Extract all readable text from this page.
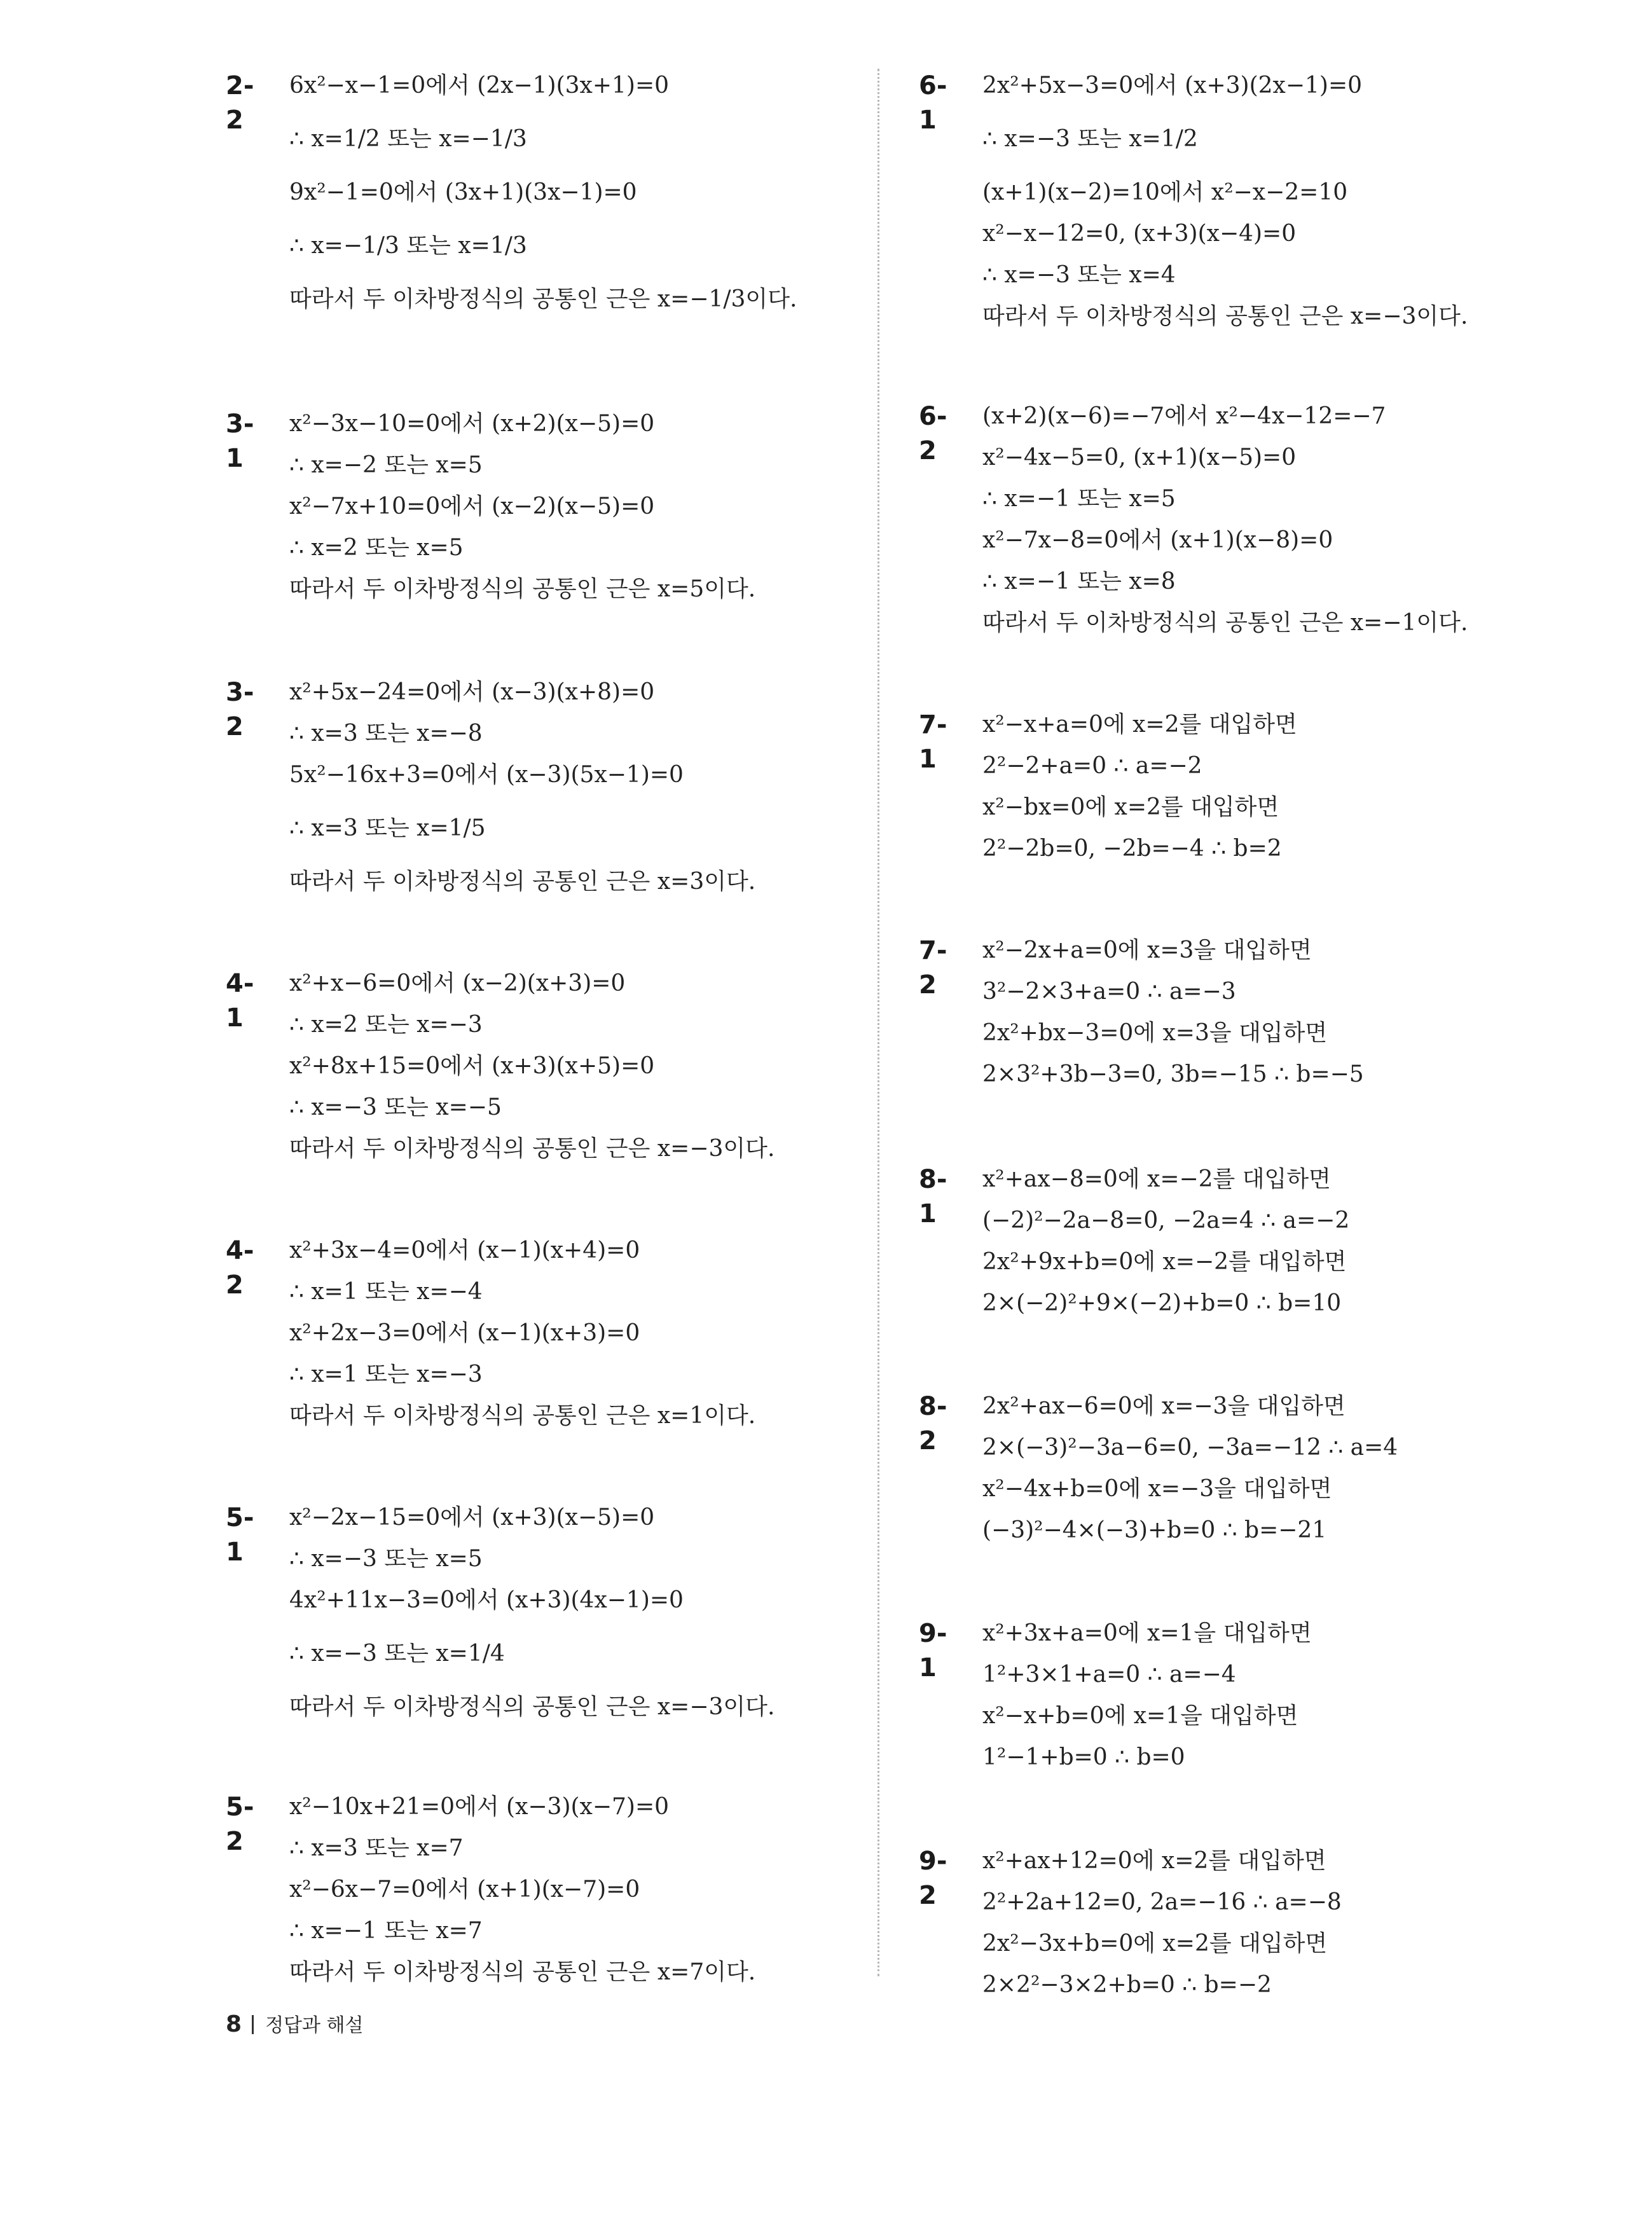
2-2
6x²−x−1=0에서 (2x−1)(3x+1)=0
∴ x=1/2 또는 x=−1/3
9x²−1=0에서 (3x+1)(3x−1)=0
∴ x=−1/3 또는 x=1/3
따라서 두 이차방정식의 공통인 근은 x=−1/3이다.
3-1
x²−3x−10=0에서 (x+2)(x−5)=0
∴ x=−2 또는 x=5
x²−7x+10=0에서 (x−2)(x−5)=0
∴ x=2 또는 x=5
따라서 두 이차방정식의 공통인 근은 x=5이다.
3-2
x²+5x−24=0에서 (x−3)(x+8)=0
∴ x=3 또는 x=−8
5x²−16x+3=0에서 (x−3)(5x−1)=0
∴ x=3 또는 x=1/5
따라서 두 이차방정식의 공통인 근은 x=3이다.
4-1
x²+x−6=0에서 (x−2)(x+3)=0
∴ x=2 또는 x=−3
x²+8x+15=0에서 (x+3)(x+5)=0
∴ x=−3 또는 x=−5
따라서 두 이차방정식의 공통인 근은 x=−3이다.
4-2
x²+3x−4=0에서 (x−1)(x+4)=0
∴ x=1 또는 x=−4
x²+2x−3=0에서 (x−1)(x+3)=0
∴ x=1 또는 x=−3
따라서 두 이차방정식의 공통인 근은 x=1이다.
5-1
x²−2x−15=0에서 (x+3)(x−5)=0
∴ x=−3 또는 x=5
4x²+11x−3=0에서 (x+3)(4x−1)=0
∴ x=−3 또는 x=1/4
따라서 두 이차방정식의 공통인 근은 x=−3이다.
5-2
x²−10x+21=0에서 (x−3)(x−7)=0
∴ x=3 또는 x=7
x²−6x−7=0에서 (x+1)(x−7)=0
∴ x=−1 또는 x=7
따라서 두 이차방정식의 공통인 근은 x=7이다.
6-1
2x²+5x−3=0에서 (x+3)(2x−1)=0
∴ x=−3 또는 x=1/2
(x+1)(x−2)=10에서 x²−x−2=10
x²−x−12=0, (x+3)(x−4)=0
∴ x=−3 또는 x=4
따라서 두 이차방정식의 공통인 근은 x=−3이다.
6-2
(x+2)(x−6)=−7에서 x²−4x−12=−7
x²−4x−5=0, (x+1)(x−5)=0
∴ x=−1 또는 x=5
x²−7x−8=0에서 (x+1)(x−8)=0
∴ x=−1 또는 x=8
따라서 두 이차방정식의 공통인 근은 x=−1이다.
7-1
x²−x+a=0에 x=2를 대입하면
2²−2+a=0 ∴ a=−2
x²−bx=0에 x=2를 대입하면
2²−2b=0, −2b=−4 ∴ b=2
7-2
x²−2x+a=0에 x=3을 대입하면
3²−2×3+a=0 ∴ a=−3
2x²+bx−3=0에 x=3을 대입하면
2×3²+3b−3=0, 3b=−15 ∴ b=−5
8-1
x²+ax−8=0에 x=−2를 대입하면
(−2)²−2a−8=0, −2a=4 ∴ a=−2
2x²+9x+b=0에 x=−2를 대입하면
2×(−2)²+9×(−2)+b=0 ∴ b=10
8-2
2x²+ax−6=0에 x=−3을 대입하면
2×(−3)²−3a−6=0, −3a=−12 ∴ a=4
x²−4x+b=0에 x=−3을 대입하면
(−3)²−4×(−3)+b=0 ∴ b=−21
9-1
x²+3x+a=0에 x=1을 대입하면
1²+3×1+a=0 ∴ a=−4
x²−x+b=0에 x=1을 대입하면
1²−1+b=0 ∴ b=0
9-2
x²+ax+12=0에 x=2를 대입하면
2²+2a+12=0, 2a=−16 ∴ a=−8
2x²−3x+b=0에 x=2를 대입하면
2×2²−3×2+b=0 ∴ b=−2
8 정답과 해설
